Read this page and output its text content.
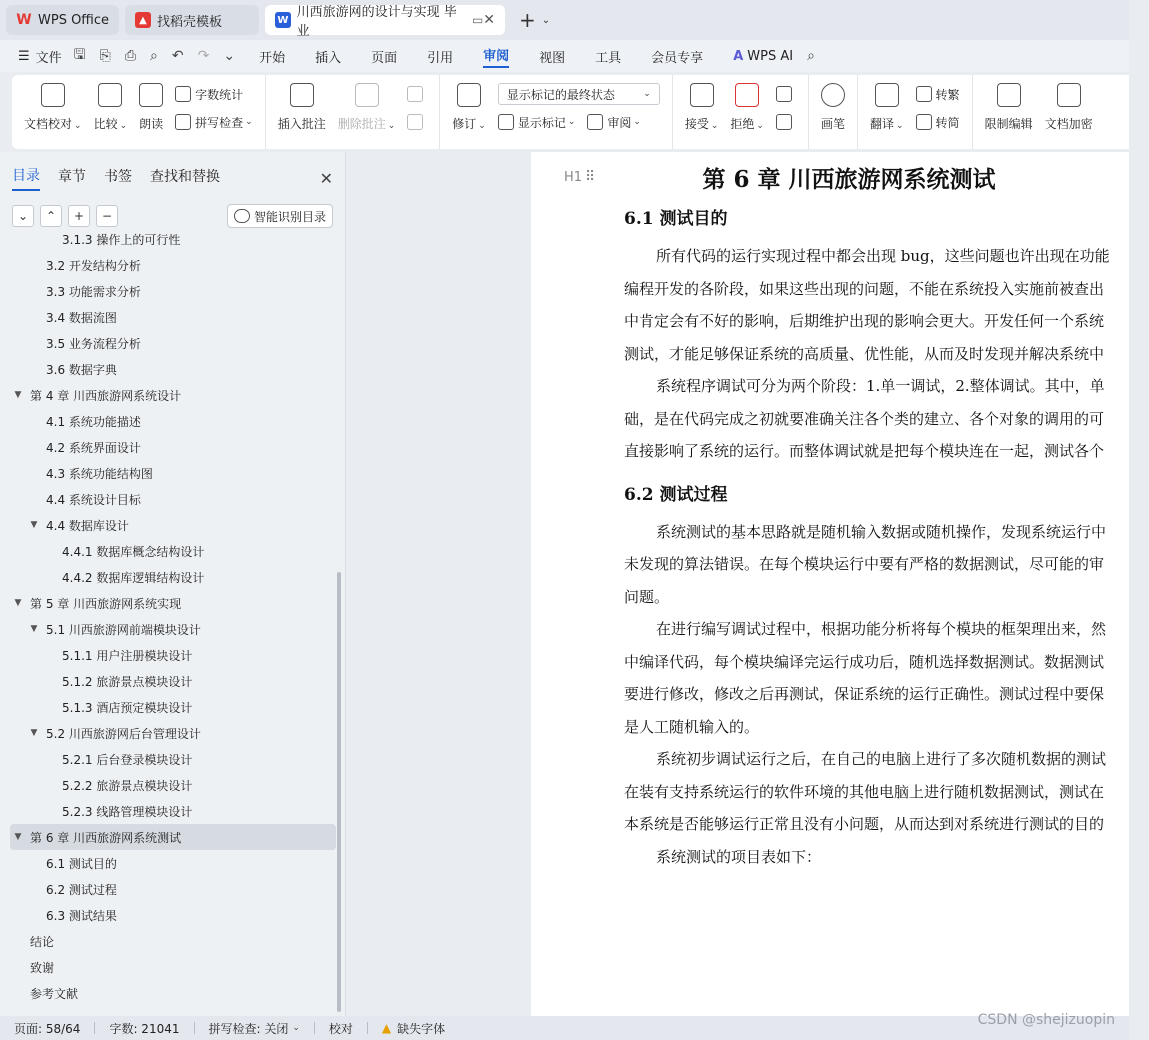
W WPS Office	▲ 找稻壳模板	W 川西旅游网的设计与实现 毕业
▭ ✕ + ⌄
☰ 文件 🖫 ⎘ ⎙ ⌕ ↶ ↷ ⌄ 开始 插入 页面 引用 审阅 视图 工具 会员专享 A WPS AI ⌕
文档校对 ⌄ 比较 ⌄ 朗读
字数统计
拼写检查 ⌄ 插入批注 删除批注 ⌄	修订 ⌄
显示标记的最终状态	⌄
显示标记 ⌄	审阅 ⌄	接受 ⌄ 拒绝 ⌄	画笔 翻译 ⌄
转繁
转简 限制编辑 文档加密
目录 章节 书签 查找和替换	✕
⌄	⌃	+	−	智能识别目录
3.1.3 操作上的可行性
3.2 开发结构分析
3.3 功能需求分析
3.4 数据流图
3.5 业务流程分析
3.6 数据字典
▼ 第 4 章 川西旅游网系统设计
4.1 系统功能描述
4.2 系统界面设计
4.3 系统功能结构图
4.4 系统设计目标
▼ 4.4 数据库设计
4.4.1 数据库概念结构设计
4.4.2 数据库逻辑结构设计
▼ 第 5 章 川西旅游网系统实现
▼ 5.1 川西旅游网前端模块设计
5.1.1 用户注册模块设计
5.1.2 旅游景点模块设计
5.1.3 酒店预定模块设计
▼ 5.2 川西旅游网后台管理设计
5.2.1 后台登录模块设计
5.2.2 旅游景点模块设计
5.2.3 线路管理模块设计
▼ 第 6 章 川西旅游网系统测试
6.1 测试目的
6.2 测试过程
6.3 测试结果
结论
致谢
参考文献
H1 ⠿	第 6 章 川西旅游网系统测试
6.1 测试目的
所有代码的运行实现过程中都会出现 bug，这些问题也许出现在功能
编程开发的各阶段，如果这些出现的问题，不能在系统投入实施前被查出
中肯定会有不好的影响，后期维护出现的影响会更大。开发任何一个系统
测试，才能足够保证系统的高质量、优性能，从而及时发现并解决系统中
系统程序调试可分为两个阶段：1.单一调试，2.整体调试。其中，单
础，是在代码完成之初就要准确关注各个类的建立、各个对象的调用的可
直接影响了系统的运行。而整体调试就是把每个模块连在一起，测试各个
6.2 测试过程
系统测试的基本思路就是随机输入数据或随机操作，发现系统运行中
未发现的算法错误。在每个模块运行中要有严格的数据测试，尽可能的审
问题。
在进行编写调试过程中，根据功能分析将每个模块的框架理出来，然
中编译代码，每个模块编译完运行成功后，随机选择数据测试。数据测试
要进行修改，修改之后再测试，保证系统的运行正确性。测试过程中要保
是人工随机输入的。
系统初步调试运行之后，在自己的电脑上进行了多次随机数据的测试
在装有支持系统运行的软件环境的其他电脑上进行随机数据测试，测试在
本系统是否能够运行正常且没有小问题，从而达到对系统进行测试的目的
系统测试的项目表如下：
页面: 58/64 字数: 21041 拼写检查: 关闭 ⌄ 校对 ▲ 缺失字体
CSDN @shejizuopin
